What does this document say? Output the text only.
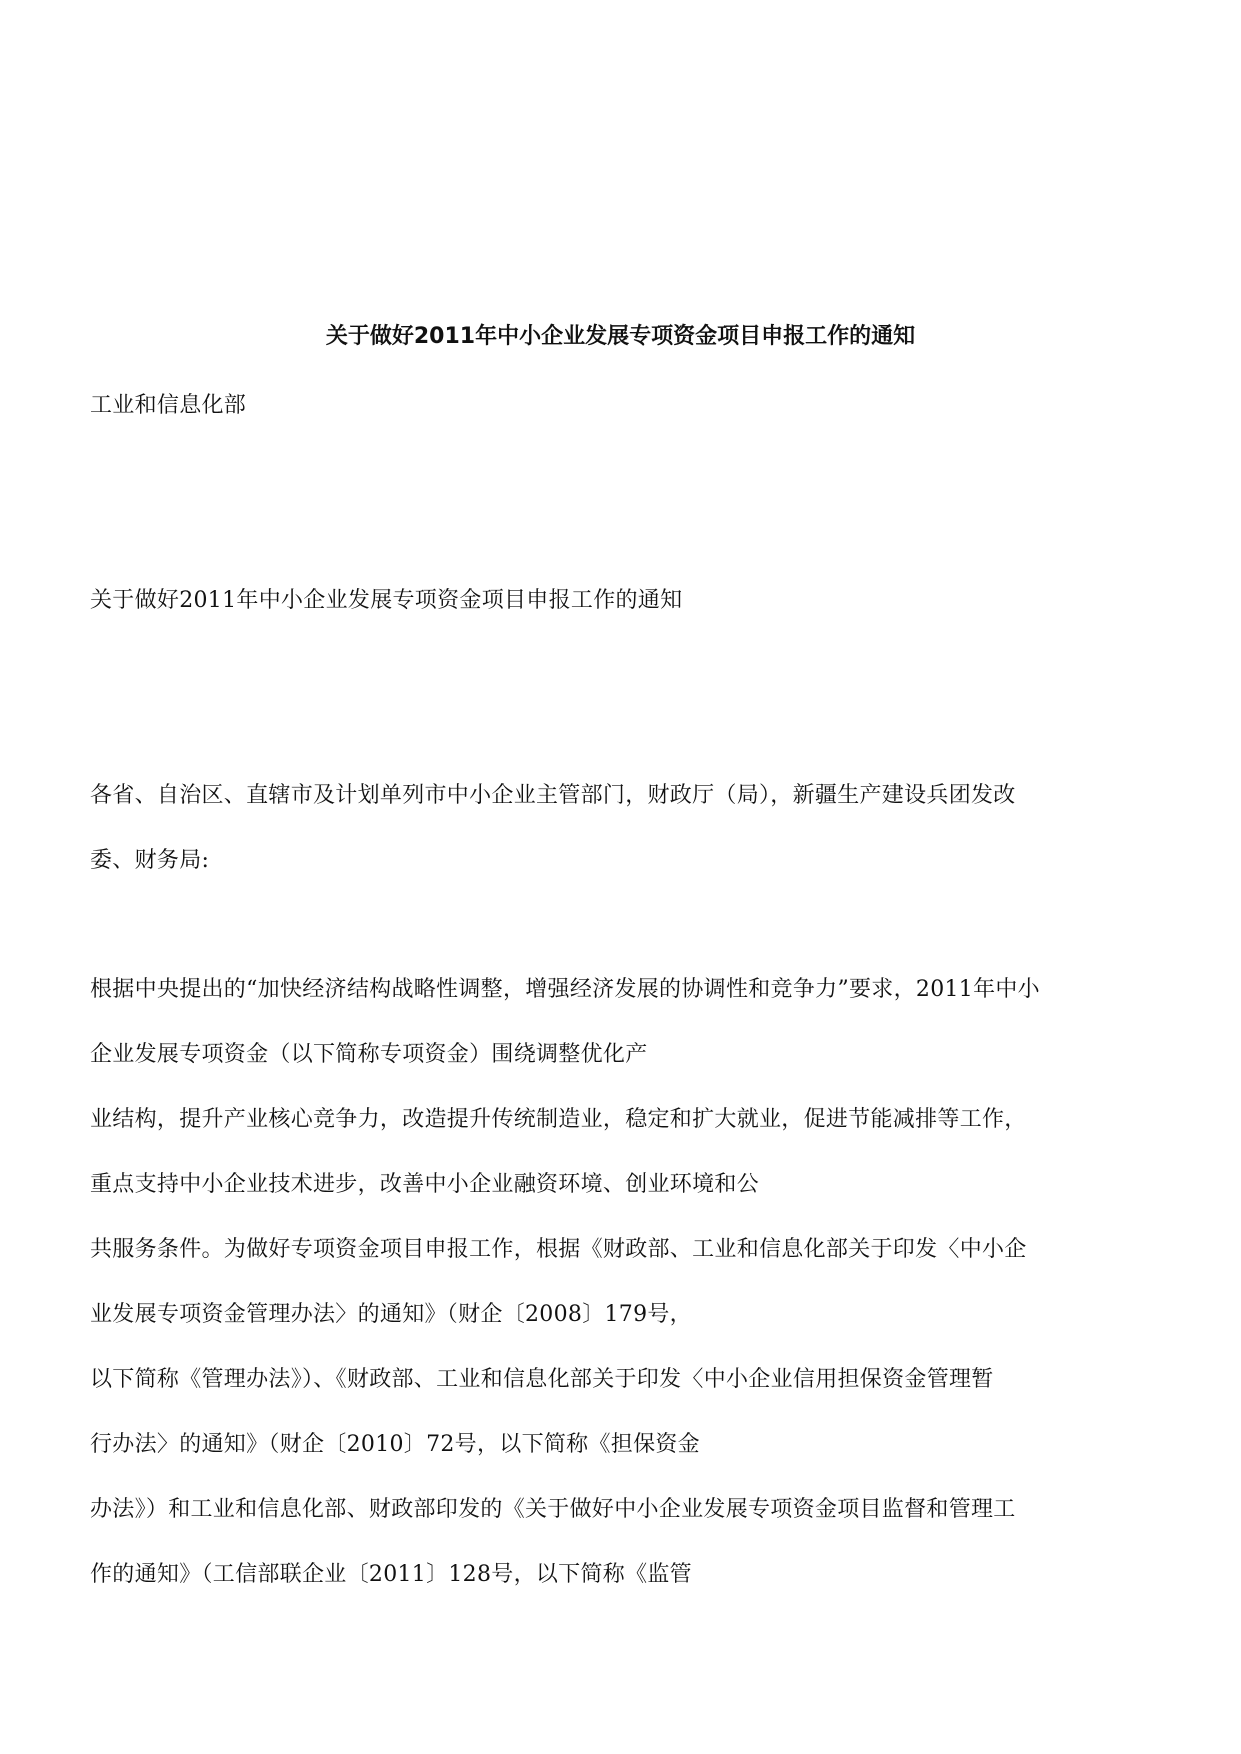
关于做好2011年中小企业发展专项资金项目申报工作的通知
工业和信息化部
关于做好2011年中小企业发展专项资金项目申报工作的通知
各省、自治区、直辖市及计划单列市中小企业主管部门，财政厅（局），新疆生产建设兵团发改
委、财务局:
根据中央提出的“加快经济结构战略性调整，增强经济发展的协调性和竞争力”要求，2011年中小
企业发展专项资金（以下简称专项资金）围绕调整优化产
业结构，提升产业核心竞争力，改造提升传统制造业，稳定和扩大就业，促进节能减排等工作，
重点支持中小企业技术进步，改善中小企业融资环境、创业环境和公
共服务条件。为做好专项资金项目申报工作，根据《财政部、工业和信息化部关于印发〈中小企
业发展专项资金管理办法〉的通知》（财企〔2008〕179号，
以下简称《管理办法》）、《财政部、工业和信息化部关于印发〈中小企业信用担保资金管理暂
行办法〉的通知》（财企〔2010〕72号，以下简称《担保资金
办法》）和工业和信息化部、财政部印发的《关于做好中小企业发展专项资金项目监督和管理工
作的通知》（工信部联企业〔2011〕128号，以下简称《监管
